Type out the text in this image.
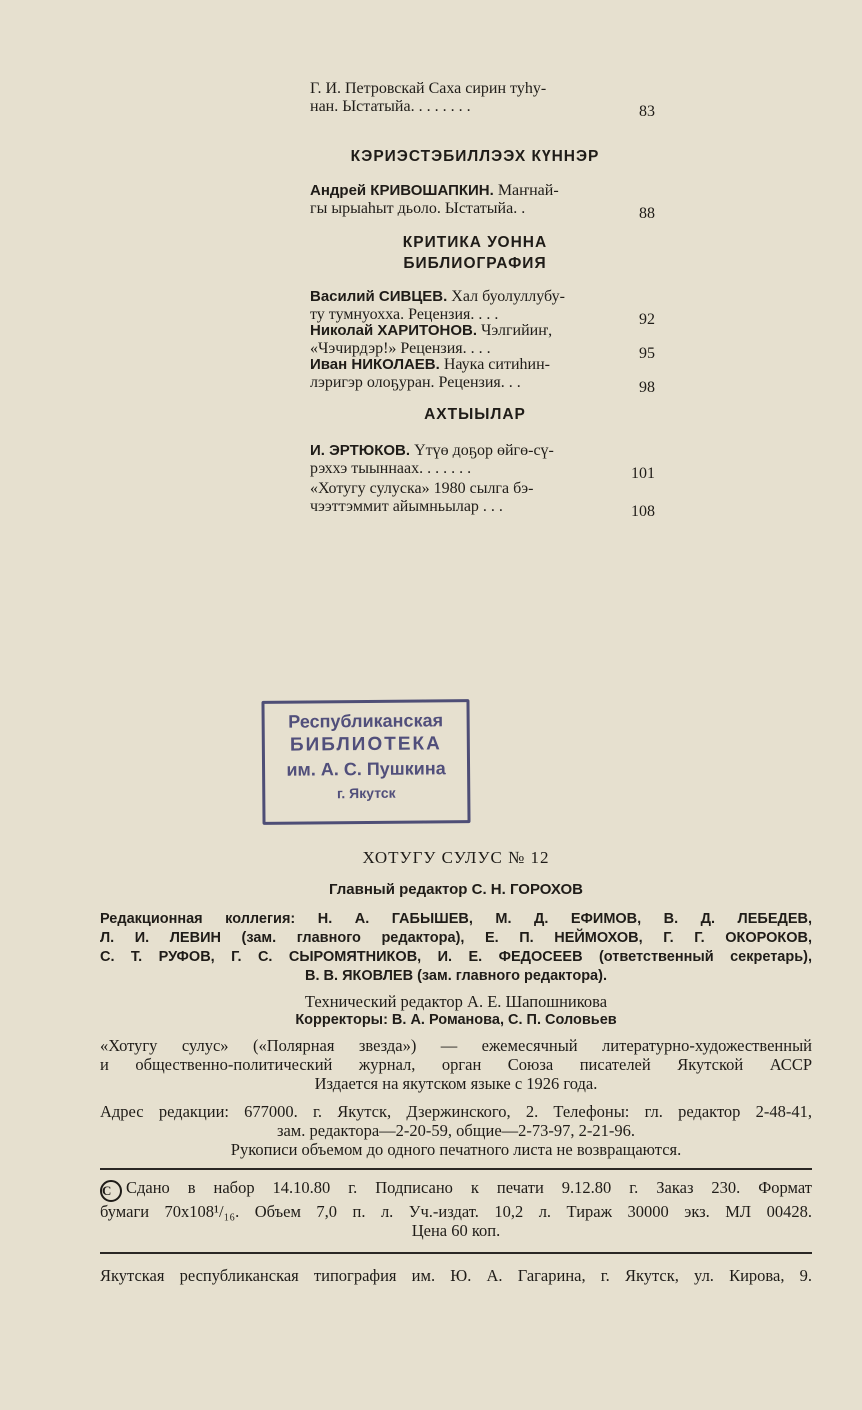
Г. И. Петровскай Саха сирин туһу-
нан. Ыстатыйа. . . . . . . .	83
КЭРИЭСТЭБИЛЛЭЭХ КҮННЭР
Андрей КРИВОШАПКИН. Маҥнай-
гы ырыаһыт дьоло. Ыстатыйа. .	88
КРИТИКА УОННА
БИБЛИОГРАФИЯ
Василий СИВЦЕВ. Хал буолуллубу-
ту тумнуохха. Рецензия. . . .	92
Николай ХАРИТОНОВ. Чэлгийиҥ,
«Чэчирдэр!» Рецензия. . . .	95
Иван НИКОЛАЕВ. Наука ситиһин-
лэригэр олоҕуран. Рецензия. . .	98
АХТЫЫЛАР
И. ЭРТЮКОВ. Үтүө доҕор өйгө-сү-
рэххэ тыыннаах. . . . . . .	101
«Хотугу сулуска» 1980 сылга бэ-
чээттэммит айымньылар . . .	108
Республиканская
БИБЛИОТЕКА
им. А. С. Пушкина
г. Якутск
ХОТУГУ СУЛУС № 12
Главный редактор С. Н. ГОРОХОВ
Редакционная коллегия: Н. А. ГАБЫШЕВ, М. Д. ЕФИМОВ, В. Д. ЛЕБЕДЕВ,
Л. И. ЛЕВИН (зам. главного редактора), Е. П. НЕЙМОХОВ, Г. Г. ОКОРОКОВ,
С. Т. РУФОВ, Г. С. СЫРОМЯТНИКОВ, И. Е. ФЕДОСЕЕВ (ответственный секретарь),
В. В. ЯКОВЛЕВ (зам. главного редактора).
Технический редактор А. Е. Шапошникова
Корректоры: В. А. Романова, С. П. Соловьев
«Хотугу сулус» («Полярная звезда») — ежемесячный литературно-художественный
и общественно-политический журнал, орган Союза писателей Якутской АССР
Издается на якутском языке с 1926 года.
Адрес редакции: 677000. г. Якутск, Дзержинского, 2. Телефоны: гл. редактор 2-48-41,
зам. редактора—2-20-59, общие—2-73-97, 2-21-96.
Рукописи объемом до одного печатного листа не возвращаются.
С Сдано в набор 14.10.80 г. Подписано к печати 9.12.80 г. Заказ 230. Формат
бумаги 70x108¹/₁₆. Объем 7,0 п. л. Уч.-издат. 10,2 л. Тираж 30000 экз. МЛ 00428.
Цена 60 коп.
Якутская республиканская типография им. Ю. А. Гагарина, г. Якутск, ул. Кирова, 9.
